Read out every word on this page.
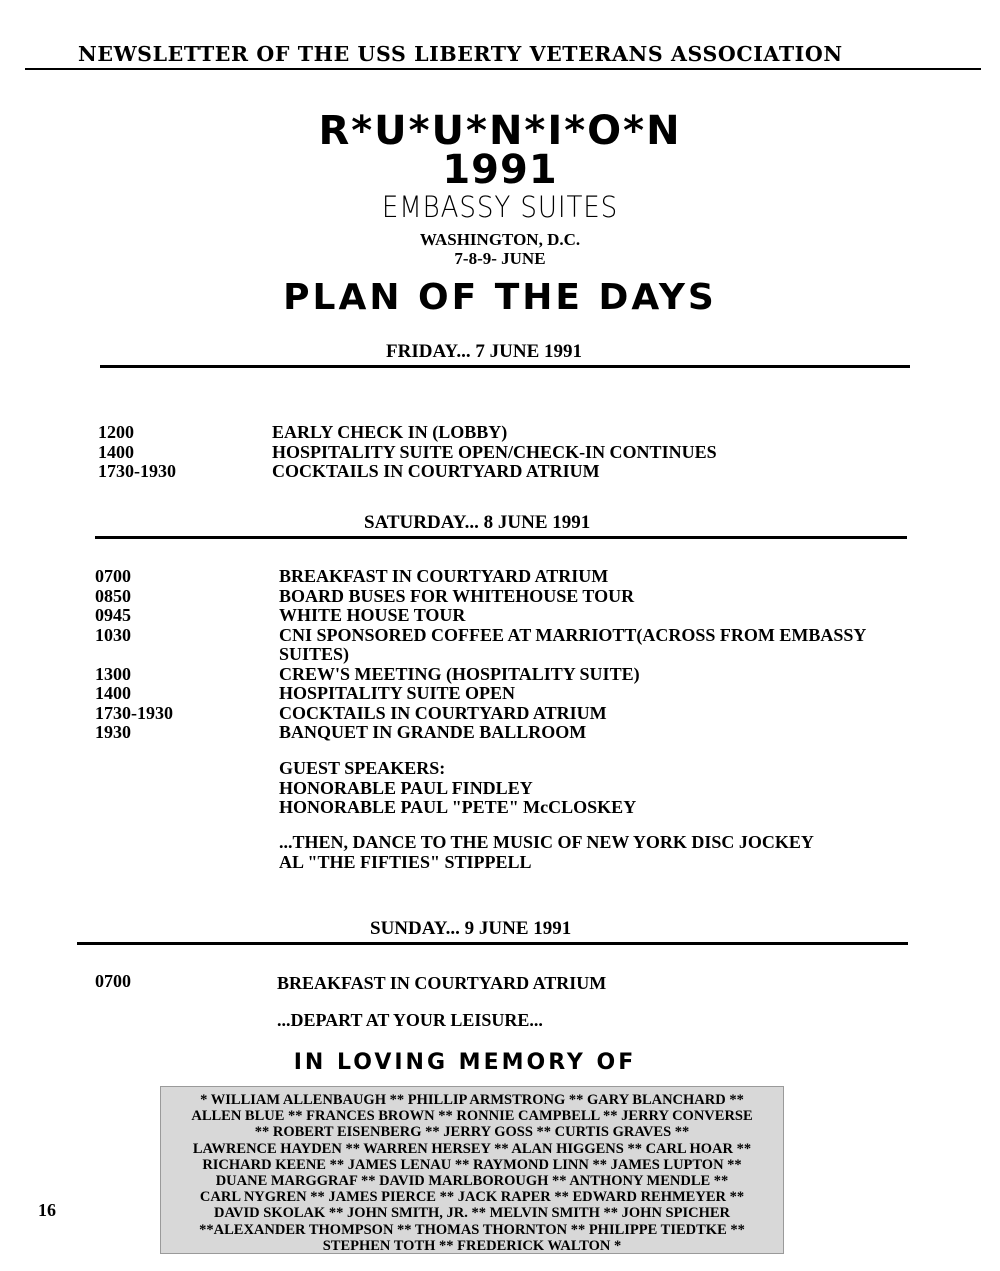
NEWSLETTER OF THE USS LIBERTY VETERANS ASSOCIATION
R*U*U*N*I*O*N
1991
EMBASSY SUITES
WASHINGTON, D.C.
7-8-9- JUNE
PLAN OF THE DAYS
FRIDAY... 7 JUNE 1991
1200	EARLY CHECK IN (LOBBY)
1400	HOSPITALITY SUITE OPEN/CHECK-IN CONTINUES
1730-1930	COCKTAILS IN COURTYARD ATRIUM
SATURDAY... 8 JUNE 1991
0700	BREAKFAST IN COURTYARD ATRIUM
0850	BOARD BUSES FOR WHITEHOUSE TOUR
0945	WHITE HOUSE TOUR
1030	CNI SPONSORED COFFEE AT MARRIOTT(ACROSS FROM EMBASSY
SUITES)
1300	CREW'S MEETING (HOSPITALITY SUITE)
1400	HOSPITALITY SUITE OPEN
1730-1930	COCKTAILS IN COURTYARD ATRIUM
1930	BANQUET IN GRANDE BALLROOM
GUEST SPEAKERS:
HONORABLE PAUL FINDLEY
HONORABLE PAUL "PETE" McCLOSKEY
...THEN, DANCE TO THE MUSIC OF NEW YORK DISC JOCKEY
AL "THE FIFTIES" STIPPELL
SUNDAY... 9 JUNE 1991
0700	BREAKFAST IN COURTYARD ATRIUM
...DEPART AT YOUR LEISURE...
IN LOVING MEMORY OF
* WILLIAM ALLENBAUGH ** PHILLIP ARMSTRONG ** GARY BLANCHARD **
ALLEN BLUE ** FRANCES BROWN ** RONNIE CAMPBELL ** JERRY CONVERSE
** ROBERT EISENBERG ** JERRY GOSS ** CURTIS GRAVES **
LAWRENCE HAYDEN ** WARREN HERSEY ** ALAN HIGGENS ** CARL HOAR **
RICHARD KEENE ** JAMES LENAU ** RAYMOND LINN ** JAMES LUPTON **
DUANE MARGGRAF ** DAVID MARLBOROUGH ** ANTHONY MENDLE **
CARL NYGREN ** JAMES PIERCE ** JACK RAPER ** EDWARD REHMEYER **
DAVID SKOLAK ** JOHN SMITH, JR. ** MELVIN SMITH ** JOHN SPICHER
**ALEXANDER THOMPSON ** THOMAS THORNTON ** PHILIPPE TIEDTKE **
STEPHEN TOTH ** FREDERICK WALTON *
16
